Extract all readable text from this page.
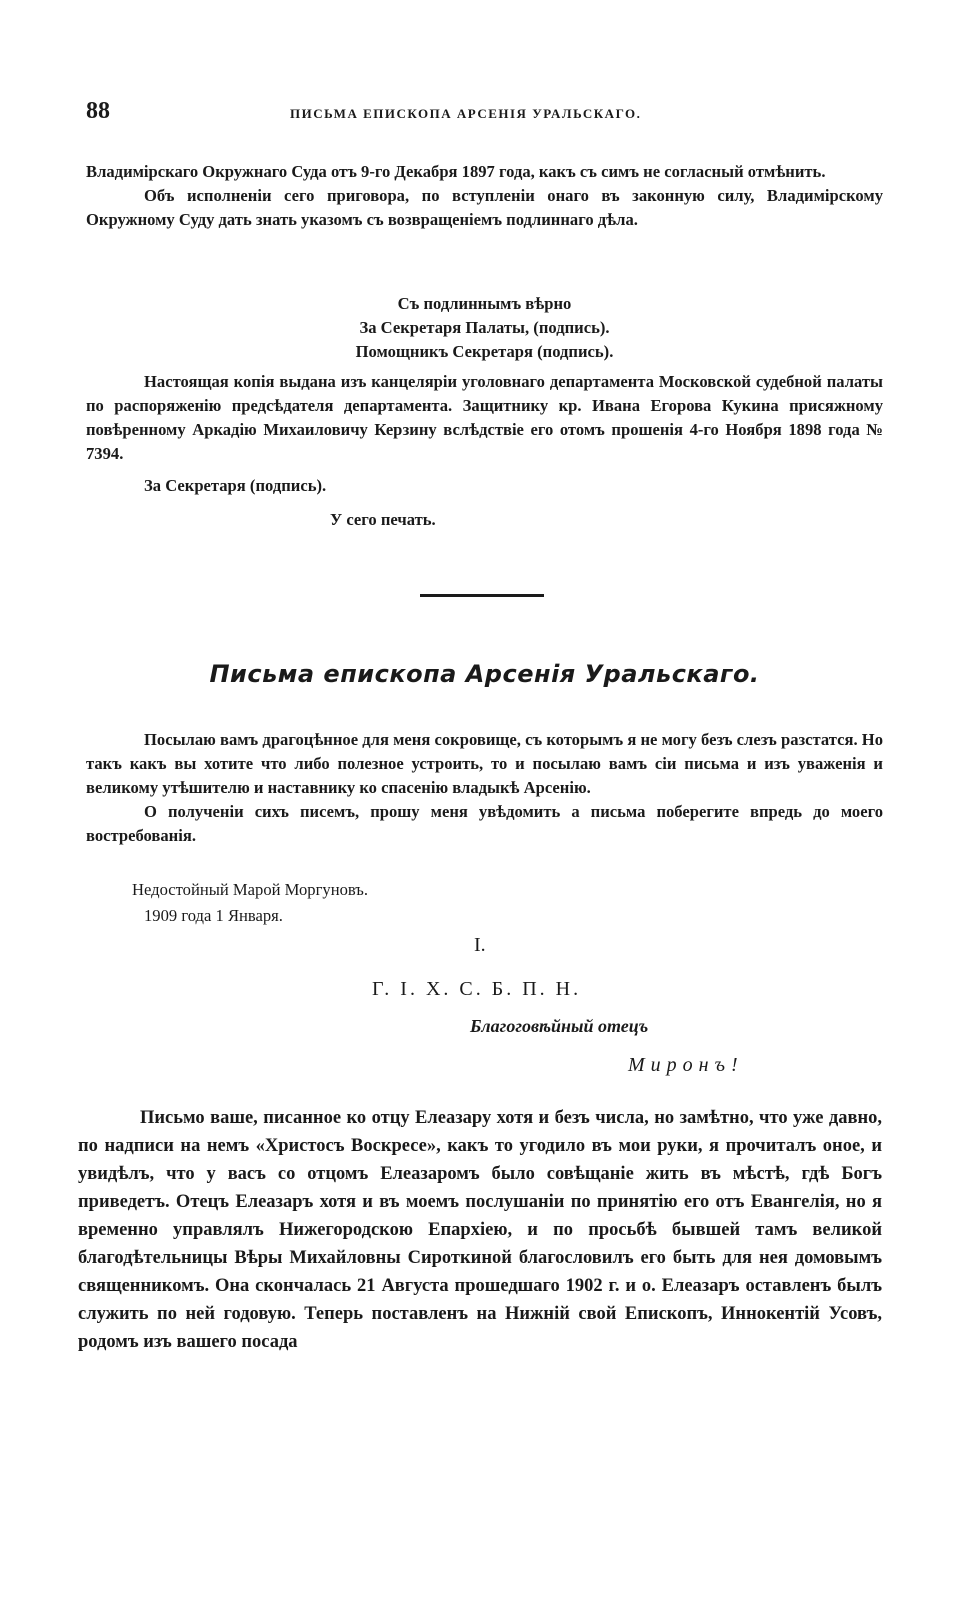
88	ПИСЬМА ЕПИСКОПА АРСЕНІЯ УРАЛЬСКАГО.

Владимірскаго Окружнаго Суда отъ 9-го Декабря 1897 года, какъ съ симъ не согласный отмѣнить.

Объ исполненіи сего приговора, по вступленіи онаго въ законную силу, Владимірскому Окружному Суду дать знать указомъ съ возвращеніемъ подлиннаго дѣла.

Съ подлиннымъ вѣрно
За Секретаря Палаты, (подпись).
Помощникъ Секретаря (подпись).

Настоящая копія выдана изъ канцеляріи уголовнаго департамента Московской судебной палаты по распоряженію предсѣдателя департамента. Защитнику кр. Ивана Егорова Кукина присяжному повѣренному Аркадію Михаиловичу Керзину вслѣдствіе его отомъ прошенія 4-го Ноября 1898 года № 7394.

За Секретаря (подпись).
У сего печать.
Письма епископа Арсенія Уральскаго.

Посылаю вамъ драгоцѣнное для меня сокровище, съ которымъ я не могу безъ слезъ разстатся. Но такъ какъ вы хотите что либо полезное устроить, то и посылаю вамъ сіи письма и изъ уваженія и великому утѣшителю и наставнику ко спасенію владыкѣ Арсенію.

О полученіи сихъ писемъ, прошу меня увѣдомить а письма поберегите впредь до моего востребованія.

Недостойный Марой Моргуновъ.
1909 года 1 Января.
I.
Г. І. Х. С. Б. П. Н.
Благоговѣйный отецъ
Миронъ!

Письмо ваше, писанное ко отцу Елеазару хотя и безъ числа, но замѣтно, что уже давно, по надписи на немъ «Христосъ Воскресе», какъ то угодило въ мои руки, я прочиталъ оное, и увидѣлъ, что у васъ со отцомъ Елеазаромъ было совѣщаніе жить въ мѣстѣ, гдѣ Богъ приведетъ. Отецъ Елеазаръ хотя и въ моемъ послушаніи по принятію его отъ Евангелія, но я временно управлялъ Нижегородскою Епархіею, и по просьбѣ бывшей тамъ великой благодѣтельницы Вѣры Михайловны Сироткиной благословилъ его быть для нея домовымъ священникомъ. Она скончалась 21 Августа прошедшаго 1902 г. и о. Елеазаръ оставленъ былъ служить по ней годовую. Теперь поставленъ на Нижній свой Епископъ, Иннокентій Усовъ, родомъ изъ вашего посада
